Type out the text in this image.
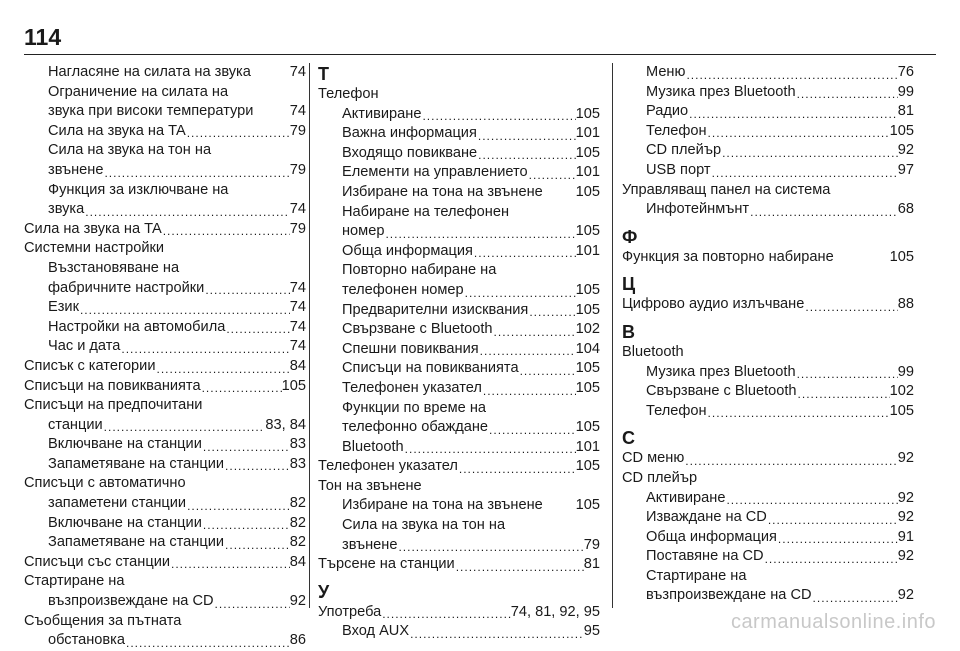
114
Нагласяне на силата на звука	74
Ограничение на силата на
звука при високи температури 74
Сила на звука на TA .....	79
Сила на звука на тон на
звънене .....	79
Функция за изключване на
звука .....	74
Сила на звука на TA .....	79
Системни настройки
Възстановяване на
фабричните настройки .....	74
Език .....	74
Настройки на автомобила .....	74
Час и дата .....	74
Списък с категории .....	84
Списъци на повикванията .....	105
Списъци на предпочитани
станции .....	83, 84
Включване на станции .....	83
Запаметяване на станции .....	83
Списъци с автоматично
запаметени станции .....	82
Включване на станции .....	82
Запаметяване на станции .....	82
Списъци със станции .....	84
Стартиране на
възпроизвеждане на CD .....	92
Съобщения за пътната
обстановка .....	86
Т
Телефон
Активиране .....	105
Важна информация .....	101
Входящо повикване .....	105
Елементи на управлението .....	101
Избиране на тона на звънене 105
Набиране на телефонен
номер .....	105
Обща информация .....	101
Повторно набиране на
телефонен номер .....	105
Предварителни изисквания .....	105
Свързване с Bluetooth .....	102
Спешни повиквания .....	104
Списъци на повикванията .....	105
Телефонен указател .....	105
Функции по време на
телефонно обаждане .....	105
Bluetooth .....	101
Телефонен указател .....	105
Тон на звънене
Избиране на тона на звънене 105
Сила на звука на тон на
звънене .....	79
Търсене на станции .....	81
У
Употреба .....	74, 81, 92, 95
Вход AUX .....	95
Меню .....	76
Музика през Bluetooth .....	99
Радио .....	81
Телефон .....	105
CD плейър .....	92
USB порт .....	97
Управляващ панел на система
Инфотейнмънт .....	68
Ф
Функция за повторно набиране	105
Ц
Цифрово аудио излъчване .....	88
B
Bluetooth
Музика през Bluetooth .....	99
Свързване с Bluetooth .....	102
Телефон .....	105
C
CD меню .....	92
CD плейър
Активиране .....	92
Изваждане на CD .....	92
Обща информация .....	91
Поставяне на CD .....	92
Стартиране на
възпроизвеждане на CD .....	92
carmanualsonline.info
